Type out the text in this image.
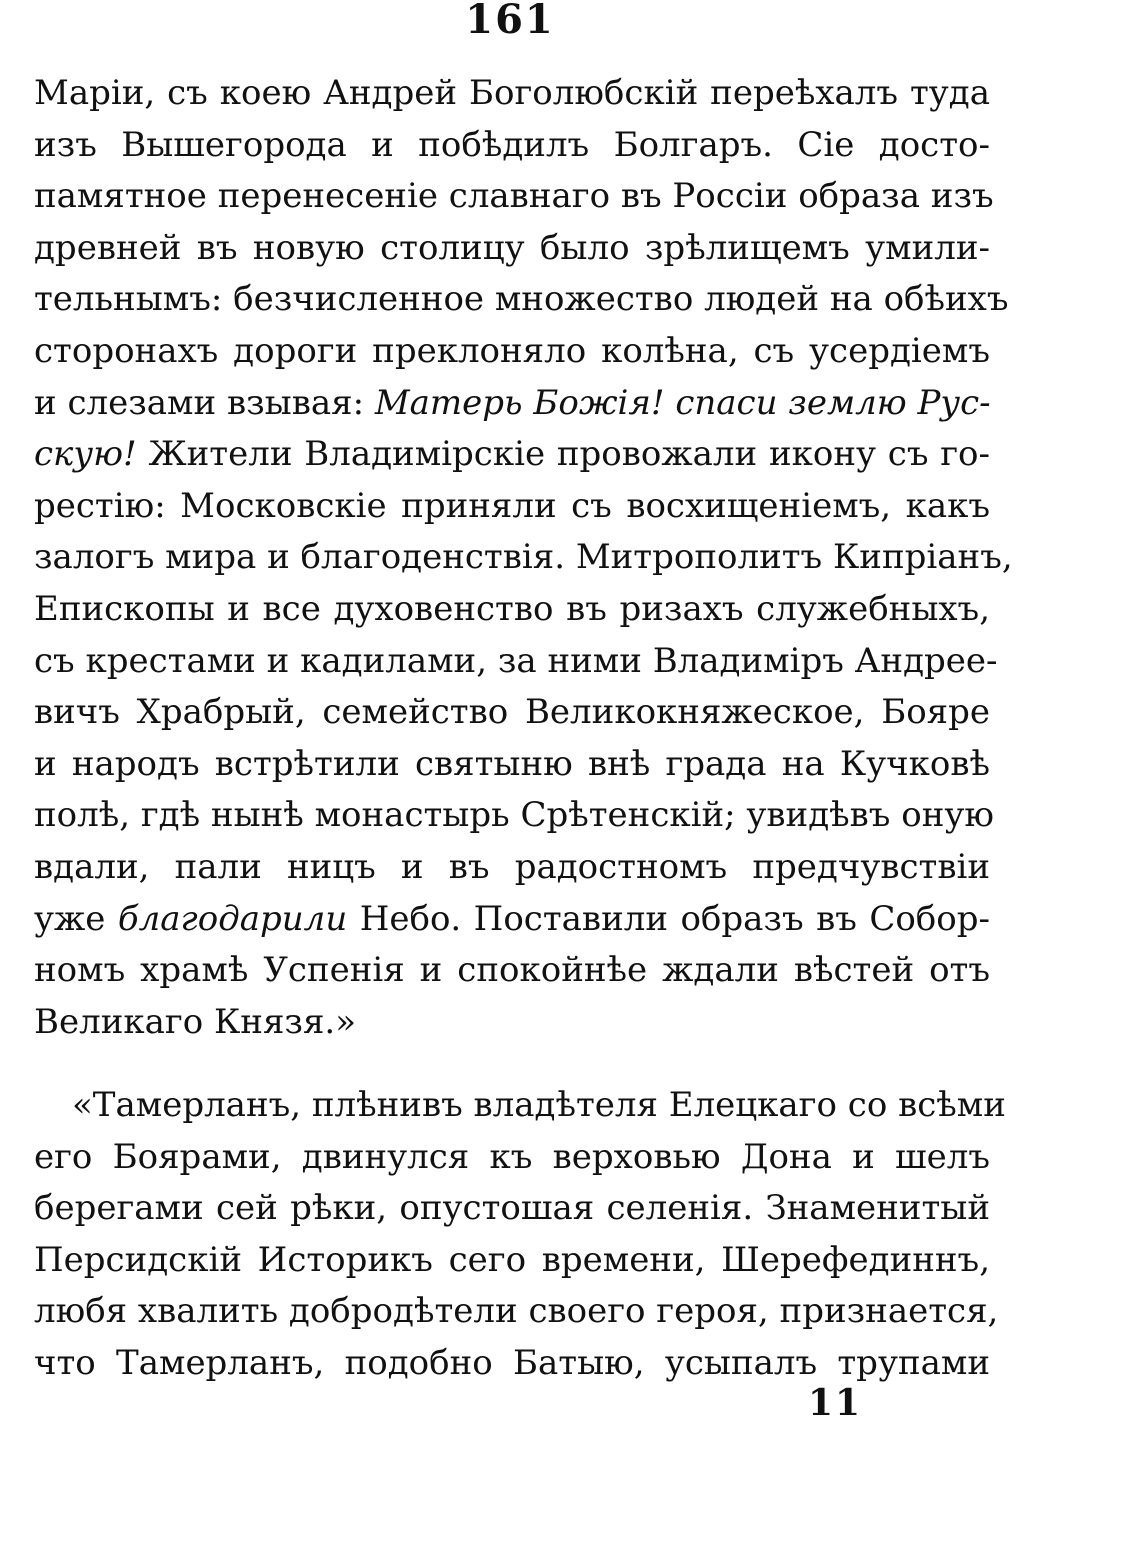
161
Маріи, съ коею Андрей Боголюбскій переѣхалъ туда
изъ Вышегорода и побѣдилъ Болгаръ. Сіе досто-
памятное перенесеніе славнаго въ Россіи образа изъ
древней въ новую столицу было зрѣлищемъ умили-
тельнымъ: безчисленное множество людей на обѣихъ
сторонахъ дороги преклоняло колѣна, съ усердіемъ
и слезами взывая: Матерь Божія! спаси землю Рус-
скую! Жители Владимірскіе провожали икону съ го-
рестію: Московскіе приняли съ восхищеніемъ, какъ
залогъ мира и благоденствія. Митрополитъ Кипріанъ,
Епископы и все духовенство въ ризахъ служебныхъ,
съ крестами и кадилами, за ними Владиміръ Андрее-
вичъ Храбрый, семейство Великокняжеское, Бояре
и народъ встрѣтили святыню внѣ града на Кучковѣ
полѣ, гдѣ нынѣ монастырь Срѣтенскій; увидѣвъ оную
вдали, пали ницъ и въ радостномъ предчувствіи
уже благодарили Небо. Поставили образъ въ Собор-
номъ храмѣ Успенія и спокойнѣе ждали вѣстей отъ
Великаго Князя.»
«Тамерланъ, плѣнивъ владѣтеля Елецкаго со всѣми
его Боярами, двинулся къ верховью Дона и шелъ
берегами сей рѣки, опустошая селенія. Знаменитый
Персидскій Историкъ сего времени, Шерефединнъ,
любя хвалить добродѣтели своего героя, признается,
что Тамерланъ, подобно Батыю, усыпалъ трупами
11
